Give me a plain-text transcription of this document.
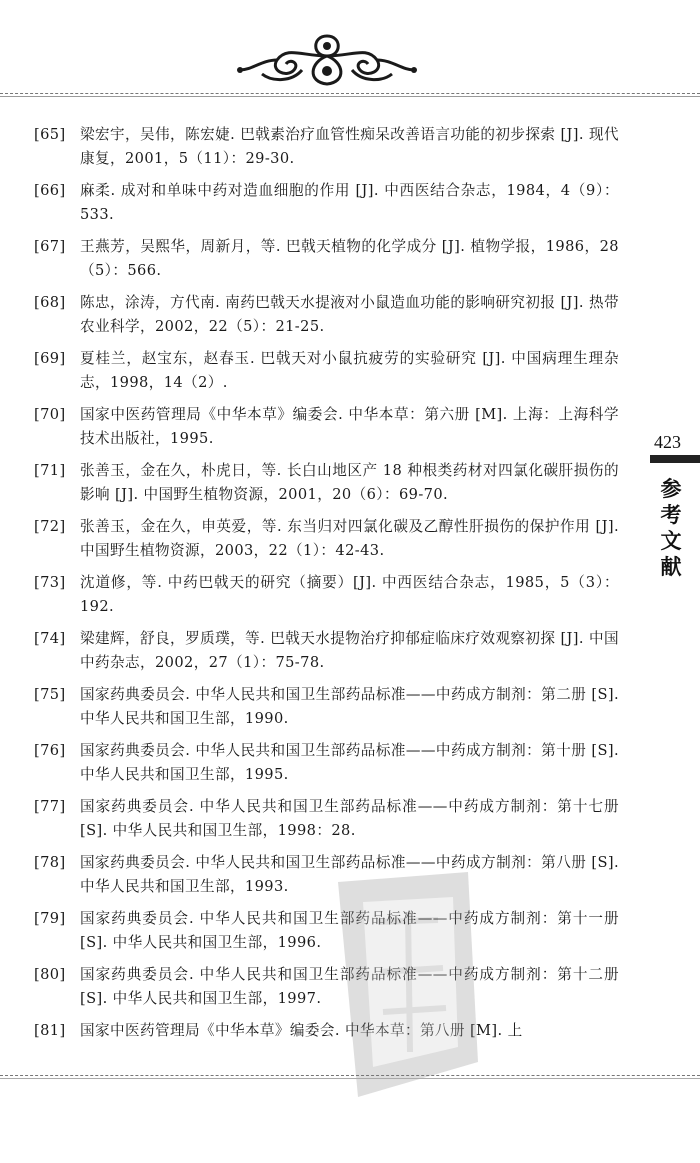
[65] 梁宏宇，吴伟，陈宏婕. 巴戟素治疗血管性痴呆改善语言功能的初步探索 [J]. 现代康复，2001，5（11）：29-30.
[66] 麻柔. 成对和单味中药对造血细胞的作用 [J]. 中西医结合杂志，1984，4（9）：533.
[67] 王燕芳，吴熙华，周新月，等. 巴戟天植物的化学成分 [J]. 植物学报，1986，28（5）：566.
[68] 陈忠，涂涛，方代南. 南药巴戟天水提液对小鼠造血功能的影响研究初报 [J]. 热带农业科学，2002，22（5）：21-25.
[69] 夏桂兰，赵宝东，赵春玉. 巴戟天对小鼠抗疲劳的实验研究 [J]. 中国病理生理杂志，1998，14（2）.
[70] 国家中医药管理局《中华本草》编委会. 中华本草：第六册 [M]. 上海：上海科学技术出版社，1995.
[71] 张善玉，金在久，朴虎日，等. 长白山地区产 18 种根类药材对四氯化碳肝损伤的影响 [J]. 中国野生植物资源，2001，20（6）：69-70.
[72] 张善玉，金在久，申英爱，等. 东当归对四氯化碳及乙醇性肝损伤的保护作用 [J]. 中国野生植物资源，2003，22（1）：42-43.
[73] 沈道修，等. 中药巴戟天的研究（摘要）[J]. 中西医结合杂志，1985，5（3）：192.
[74] 梁建辉，舒良，罗质璞，等. 巴戟天水提物治疗抑郁症临床疗效观察初探 [J]. 中国中药杂志，2002，27（1）：75-78.
[75] 国家药典委员会. 中华人民共和国卫生部药品标准——中药成方制剂：第二册 [S]. 中华人民共和国卫生部，1990.
[76] 国家药典委员会. 中华人民共和国卫生部药品标准——中药成方制剂：第十册 [S]. 中华人民共和国卫生部，1995.
[77] 国家药典委员会. 中华人民共和国卫生部药品标准——中药成方制剂：第十七册 [S]. 中华人民共和国卫生部，1998：28.
[78] 国家药典委员会. 中华人民共和国卫生部药品标准——中药成方制剂：第八册 [S]. 中华人民共和国卫生部，1993.
[79] 国家药典委员会. 中华人民共和国卫生部药品标准——中药成方制剂：第十一册 [S]. 中华人民共和国卫生部，1996.
[80] 国家药典委员会. 中华人民共和国卫生部药品标准——中药成方制剂：第十二册 [S]. 中华人民共和国卫生部，1997.
[81] 国家中医药管理局《中华本草》编委会. 中华本草：第八册 [M]. 上
423
参
考
文
献
